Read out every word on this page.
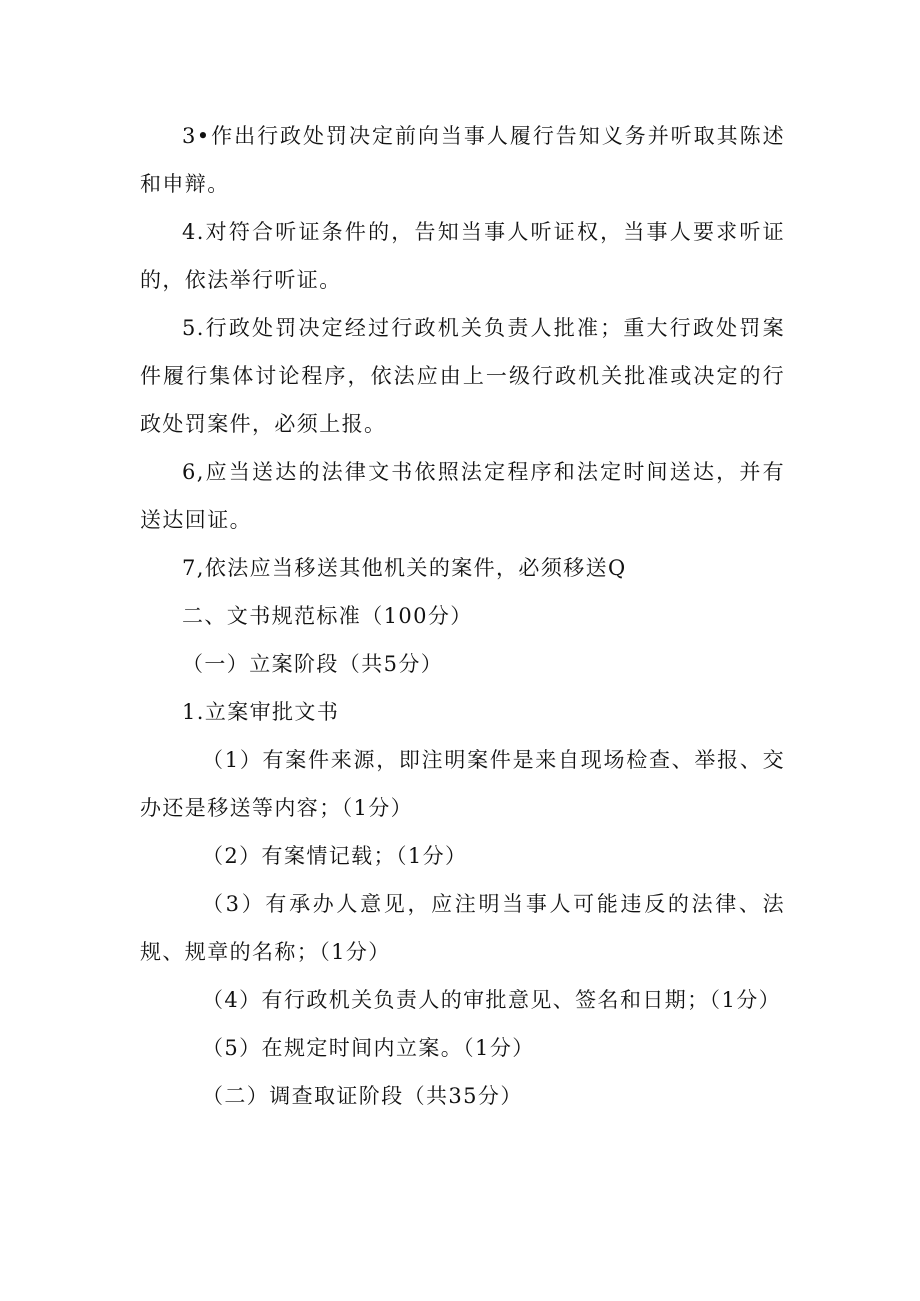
3•作出行政处罚决定前向当事人履行告知义务并听取其陈述和申辩。

4.对符合听证条件的，告知当事人听证权，当事人要求听证的，依法举行听证。

5.行政处罚决定经过行政机关负责人批准；重大行政处罚案件履行集体讨论程序，依法应由上一级行政机关批准或决定的行政处罚案件，必须上报。

6,应当送达的法律文书依照法定程序和法定时间送达，并有送达回证。

7,依法应当移送其他机关的案件，必须移送Q

二、文书规范标准（100分）

（一）立案阶段（共5分）

1.立案审批文书

（1）有案件来源，即注明案件是来自现场检查、举报、交办还是移送等内容；（1分）

（2）有案情记载；（1分）

（3）有承办人意见，应注明当事人可能违反的法律、法规、规章的名称；（1分）

（4）有行政机关负责人的审批意见、签名和日期；（1分）

（5）在规定时间内立案。（1分）

（二）调查取证阶段（共35分）
